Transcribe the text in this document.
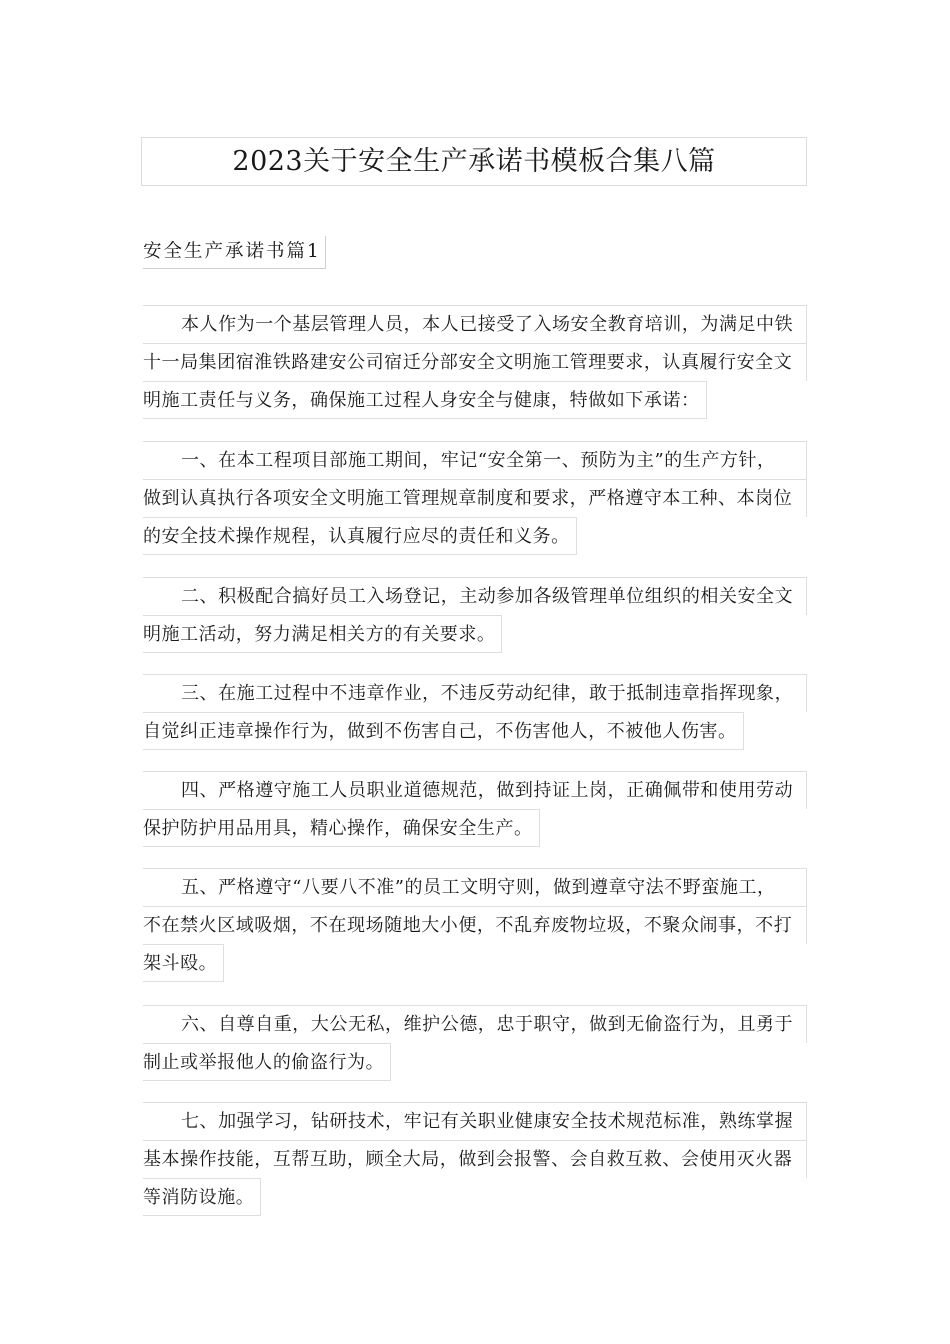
2023关于安全生产承诺书模板合集八篇
安全生产承诺书篇1
本人作为一个基层管理人员，本人已接受了入场安全教育培训，为满足中铁
十一局集团宿淮铁路建安公司宿迁分部安全文明施工管理要求，认真履行安全文
明施工责任与义务，确保施工过程人身安全与健康，特做如下承诺：
一、在本工程项目部施工期间，牢记“安全第一、预防为主”的生产方针，
做到认真执行各项安全文明施工管理规章制度和要求，严格遵守本工种、本岗位
的安全技术操作规程，认真履行应尽的责任和义务。
二、积极配合搞好员工入场登记，主动参加各级管理单位组织的相关安全文
明施工活动，努力满足相关方的有关要求。
三、在施工过程中不违章作业，不违反劳动纪律，敢于抵制违章指挥现象，
自觉纠正违章操作行为，做到不伤害自己，不伤害他人，不被他人伤害。
四、严格遵守施工人员职业道德规范，做到持证上岗，正确佩带和使用劳动
保护防护用品用具，精心操作，确保安全生产。
五、严格遵守“八要八不准”的员工文明守则，做到遵章守法不野蛮施工，
不在禁火区域吸烟，不在现场随地大小便，不乱弃废物垃圾，不聚众闹事，不打
架斗殴。
六、自尊自重，大公无私，维护公德，忠于职守，做到无偷盗行为，且勇于
制止或举报他人的偷盗行为。
七、加强学习，钻研技术，牢记有关职业健康安全技术规范标准，熟练掌握
基本操作技能，互帮互助，顾全大局，做到会报警、会自救互救、会使用灭火器
等消防设施。
